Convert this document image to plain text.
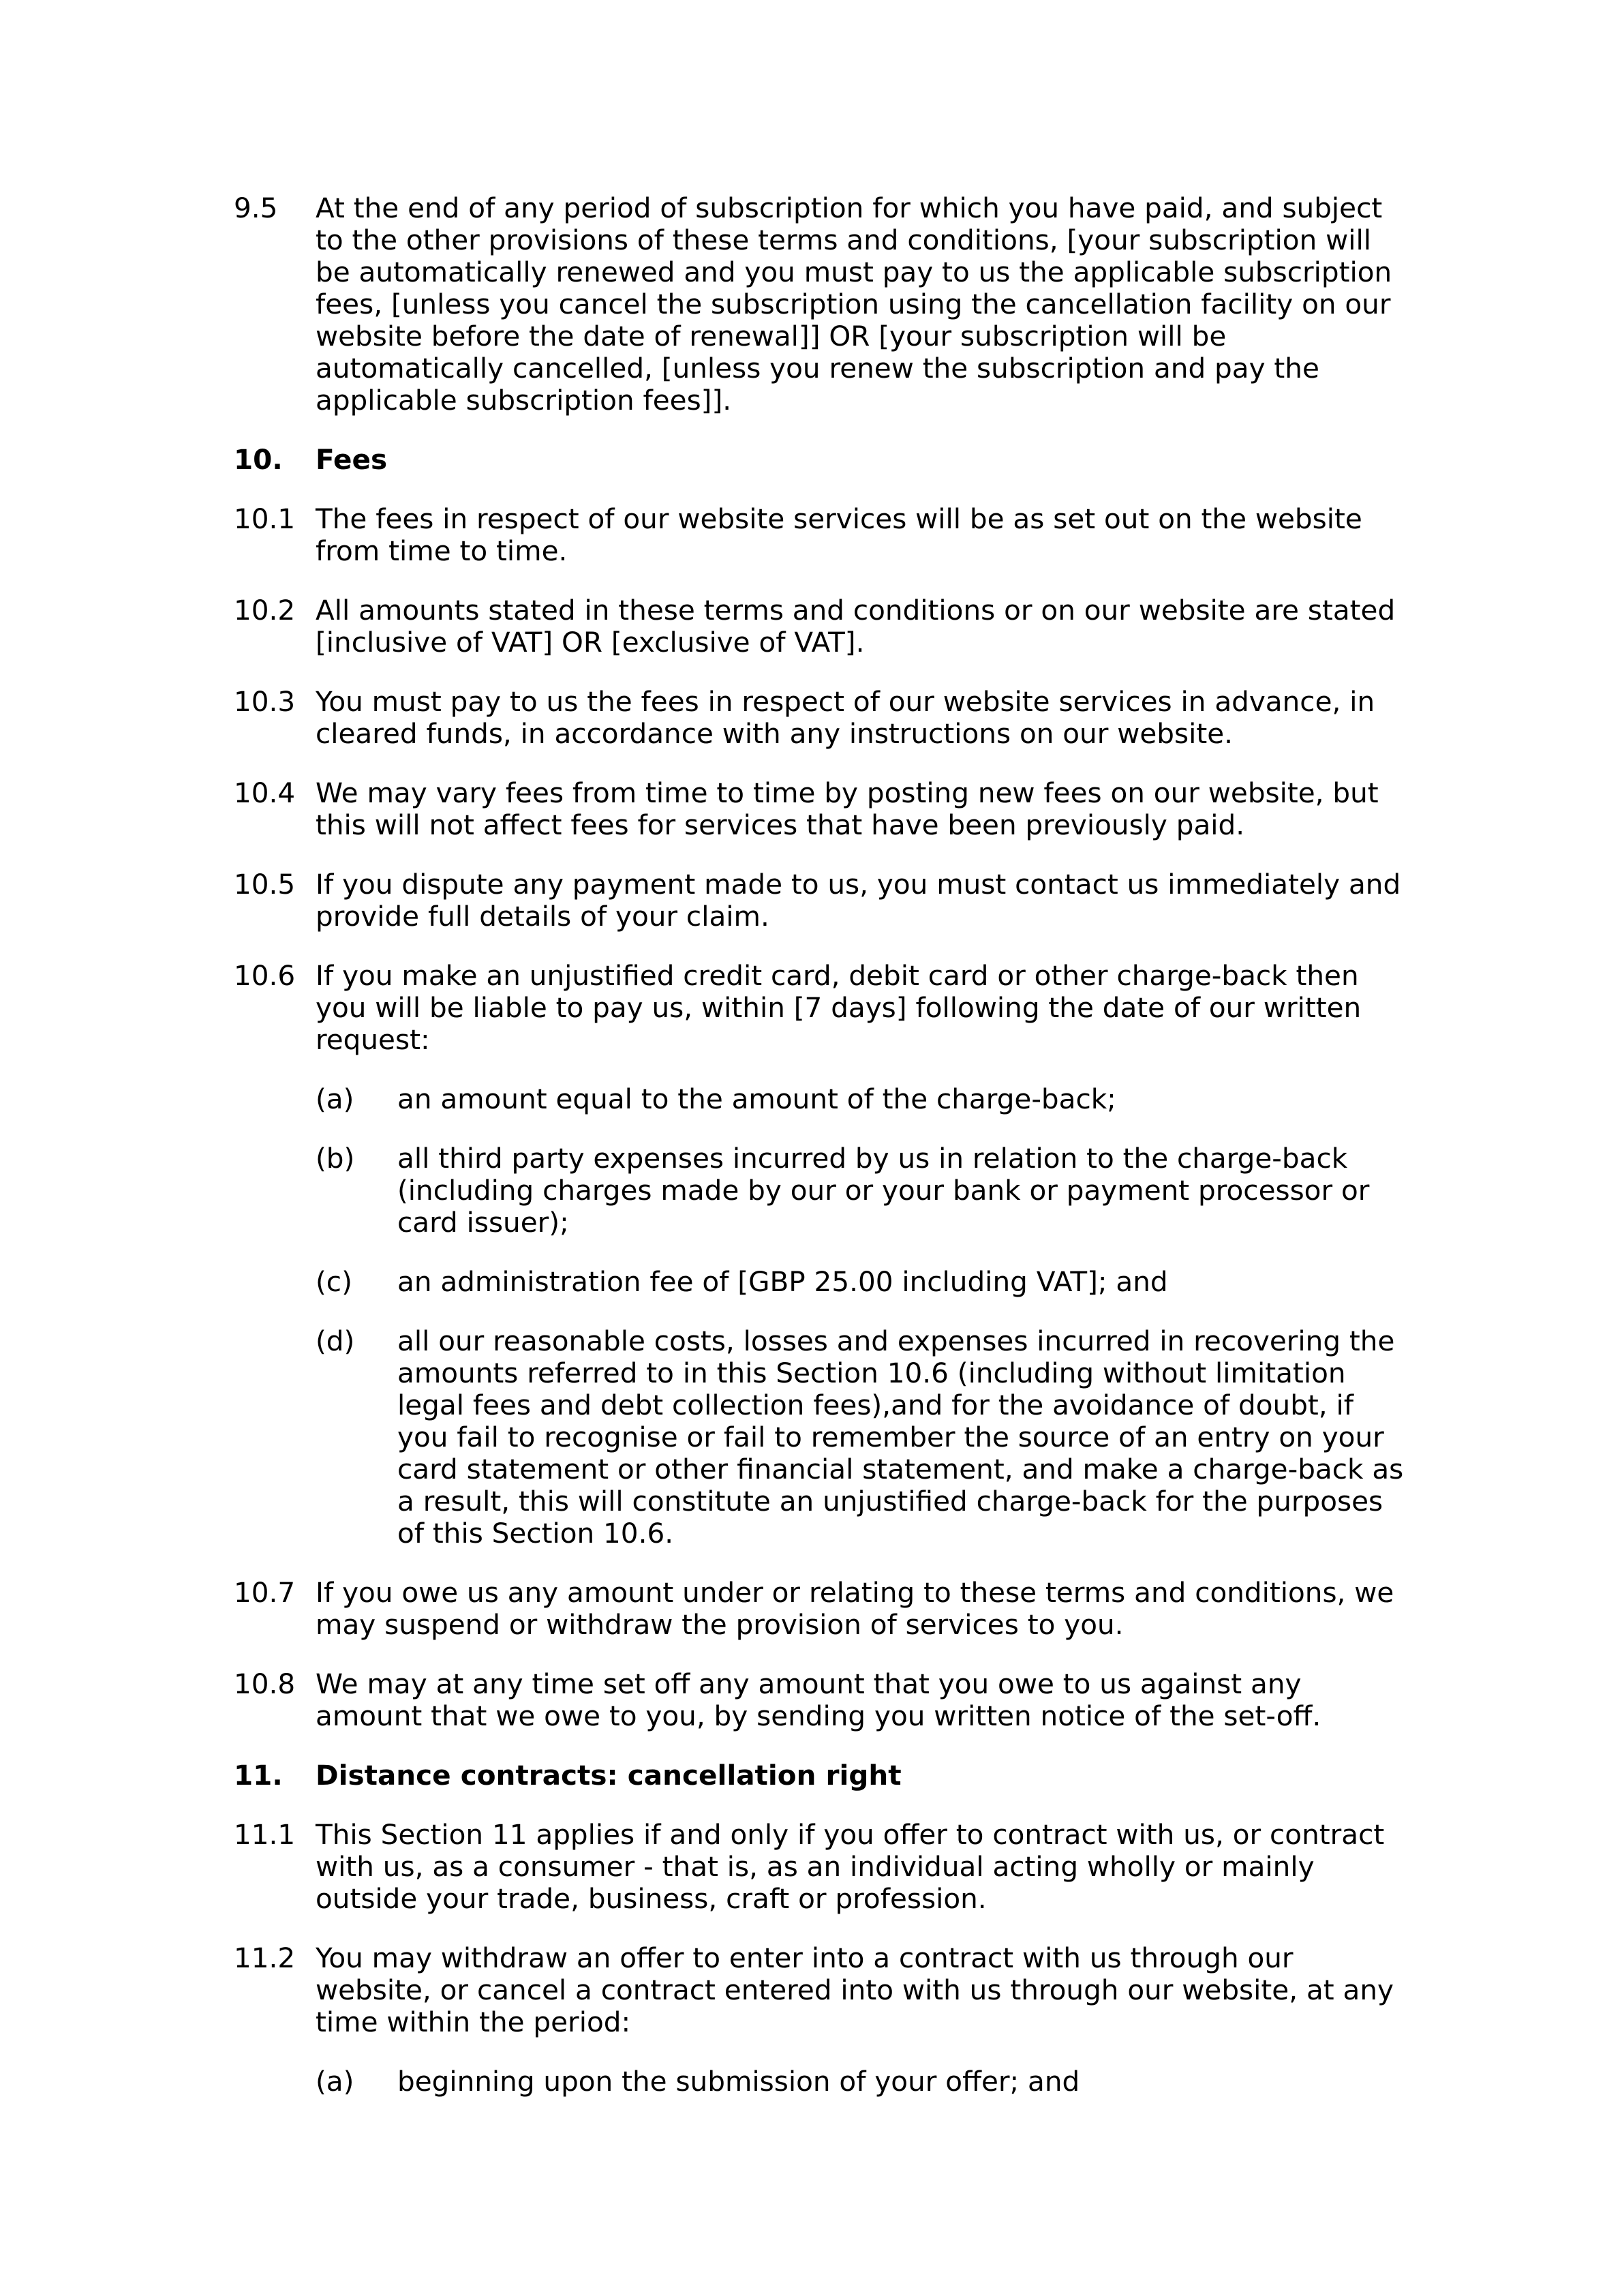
9.5	At the end of any period of subscription for which you have paid, and subject to the other provisions of these terms and conditions, [your subscription will be automatically renewed and you must pay to us the applicable subscription fees, [unless you cancel the subscription using the cancellation facility on our website before the date of renewal]] OR [your subscription will be automatically cancelled, [unless you renew the subscription and pay the applicable subscription fees]].
10.	Fees
10.1 The fees in respect of our website services will be as set out on the website from time to time.
10.2 All amounts stated in these terms and conditions or on our website are stated [inclusive of VAT] OR [exclusive of VAT].
10.3 You must pay to us the fees in respect of our website services in advance, in cleared funds, in accordance with any instructions on our website.
10.4 We may vary fees from time to time by posting new fees on our website, but this will not affect fees for services that have been previously paid.
10.5 If you dispute any payment made to us, you must contact us immediately and provide full details of your claim.
10.6 If you make an unjustified credit card, debit card or other charge-back then you will be liable to pay us, within [7 days] following the date of our written request:
(a)	an amount equal to the amount of the charge-back;
(b)	all third party expenses incurred by us in relation to the charge-back (including charges made by our or your bank or payment processor or card issuer);
(c)	an administration fee of [GBP 25.00 including VAT]; and
(d)	all our reasonable costs, losses and expenses incurred in recovering the amounts referred to in this Section 10.6 (including without limitation legal fees and debt collection fees),and for the avoidance of doubt, if you fail to recognise or fail to remember the source of an entry on your card statement or other financial statement, and make a charge-back as a result, this will constitute an unjustified charge-back for the purposes of this Section 10.6.
10.7 If you owe us any amount under or relating to these terms and conditions, we may suspend or withdraw the provision of services to you.
10.8 We may at any time set off any amount that you owe to us against any amount that we owe to you, by sending you written notice of the set-off.
11.	Distance contracts: cancellation right
11.1 This Section 11 applies if and only if you offer to contract with us, or contract with us, as a consumer - that is, as an individual acting wholly or mainly outside your trade, business, craft or profession.
11.2 You may withdraw an offer to enter into a contract with us through our website, or cancel a contract entered into with us through our website, at any time within the period:
(a)	beginning upon the submission of your offer; and
